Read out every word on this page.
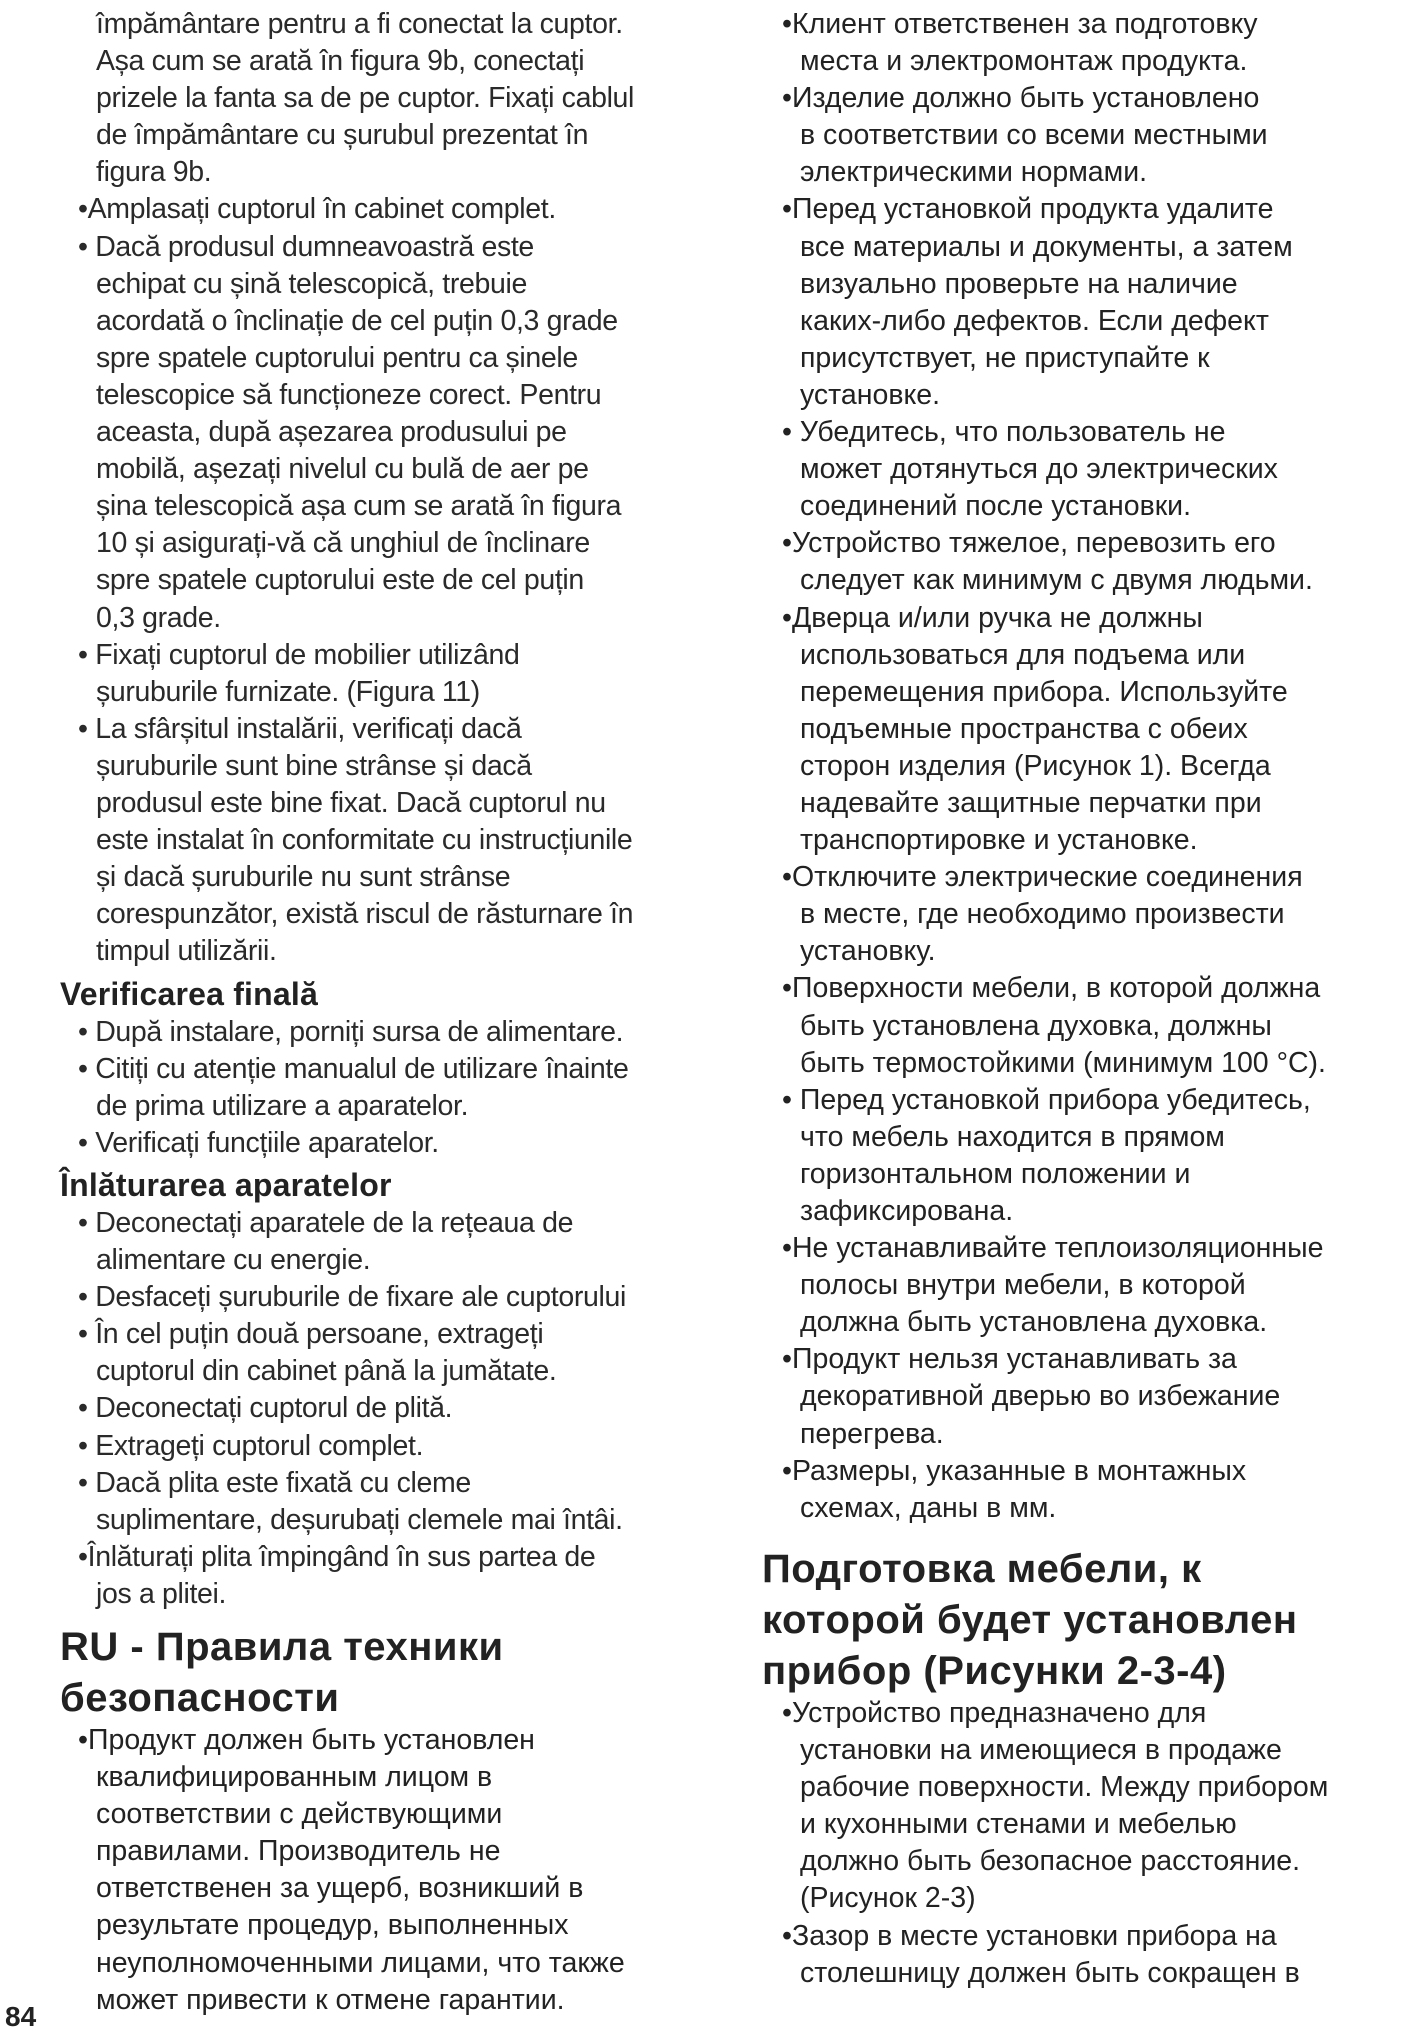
împământare pentru a fi conectat la cuptor.
Așa cum se arată în figura 9b, conectați
prizele la fanta sa de pe cuptor. Fixați cablul
de împământare cu șurubul prezentat în
figura 9b.
•Amplasați cuptorul în cabinet complet.
• Dacă produsul dumneavoastră este
echipat cu șină telescopică, trebuie
acordată o înclinație de cel puțin 0,3 grade
spre spatele cuptorului pentru ca șinele
telescopice să funcționeze corect. Pentru
aceasta, după așezarea produsului pe
mobilă, așezați nivelul cu bulă de aer pe
șina telescopică așa cum se arată în figura
10 și asigurați-vă că unghiul de înclinare
spre spatele cuptorului este de cel puțin
0,3 grade.
• Fixați cuptorul de mobilier utilizând
șuruburile furnizate. (Figura 11)
• La sfârșitul instalării, verificați dacă
șuruburile sunt bine strânse și dacă
produsul este bine fixat. Dacă cuptorul nu
este instalat în conformitate cu instrucțiunile
și dacă șuruburile nu sunt strânse
corespunzător, există riscul de răsturnare în
timpul utilizării.
Verificarea finală
• După instalare, porniți sursa de alimentare.
• Citiți cu atenție manualul de utilizare înainte
de prima utilizare a aparatelor.
• Verificați funcțiile aparatelor.
Înlăturarea aparatelor
• Deconectați aparatele de la rețeaua de
alimentare cu energie.
• Desfaceți șuruburile de fixare ale cuptorului
• În cel puțin două persoane, extrageți
cuptorul din cabinet până la jumătate.
• Deconectați cuptorul de plită.
• Extrageți cuptorul complet.
• Dacă plita este fixată cu cleme
suplimentare, deșurubați clemele mai întâi.
•Înlăturați plita împingând în sus partea de
jos a plitei.
RU - Правила техники
безопасности
•Продукт должен быть установлен
квалифицированным лицом в
соответствии с действующими
правилами. Производитель не
ответственен за ущерб, возникший в
результате процедур, выполненных
неуполномоченными лицами, что также
может привести к отмене гарантии.
•Клиент ответственен за подготовку
места и электромонтаж продукта.
•Изделие должно быть установлено
в соответствии со всеми местными
электрическими нормами.
•Перед установкой продукта удалите
все материалы и документы, а затем
визуально проверьте на наличие
каких-либо дефектов. Если дефект
присутствует, не приступайте к
установке.
• Убедитесь, что пользователь не
может дотянуться до электрических
соединений после установки.
•Устройство тяжелое, перевозить его
следует как минимум с двумя людьми.
•Дверца и/или ручка не должны
использоваться для подъема или
перемещения прибора. Используйте
подъемные пространства с обеих
сторон изделия (Рисунок 1). Всегда
надевайте защитные перчатки при
транспортировке и установке.
•Отключите электрические соединения
в месте, где необходимо произвести
установку.
•Поверхности мебели, в которой должна
быть установлена духовка, должны
быть термостойкими (минимум 100 °C).
• Перед установкой прибора убедитесь,
что мебель находится в прямом
горизонтальном положении и
зафиксирована.
•Не устанавливайте теплоизоляционные
полосы внутри мебели, в которой
должна быть установлена духовка.
•Продукт нельзя устанавливать за
декоративной дверью во избежание
перегрева.
•Размеры, указанные в монтажных
схемах, даны в мм.
Подготовка мебели, к
которой будет установлен
прибор (Рисунки 2-3-4)
•Устройство предназначено для
установки на имеющиеся в продаже
рабочие поверхности. Между прибором
и кухонными стенами и мебелью
должно быть безопасное расстояние.
(Рисунок 2-3)
•Зазор в месте установки прибора на
столешницу должен быть сокращен в
84
